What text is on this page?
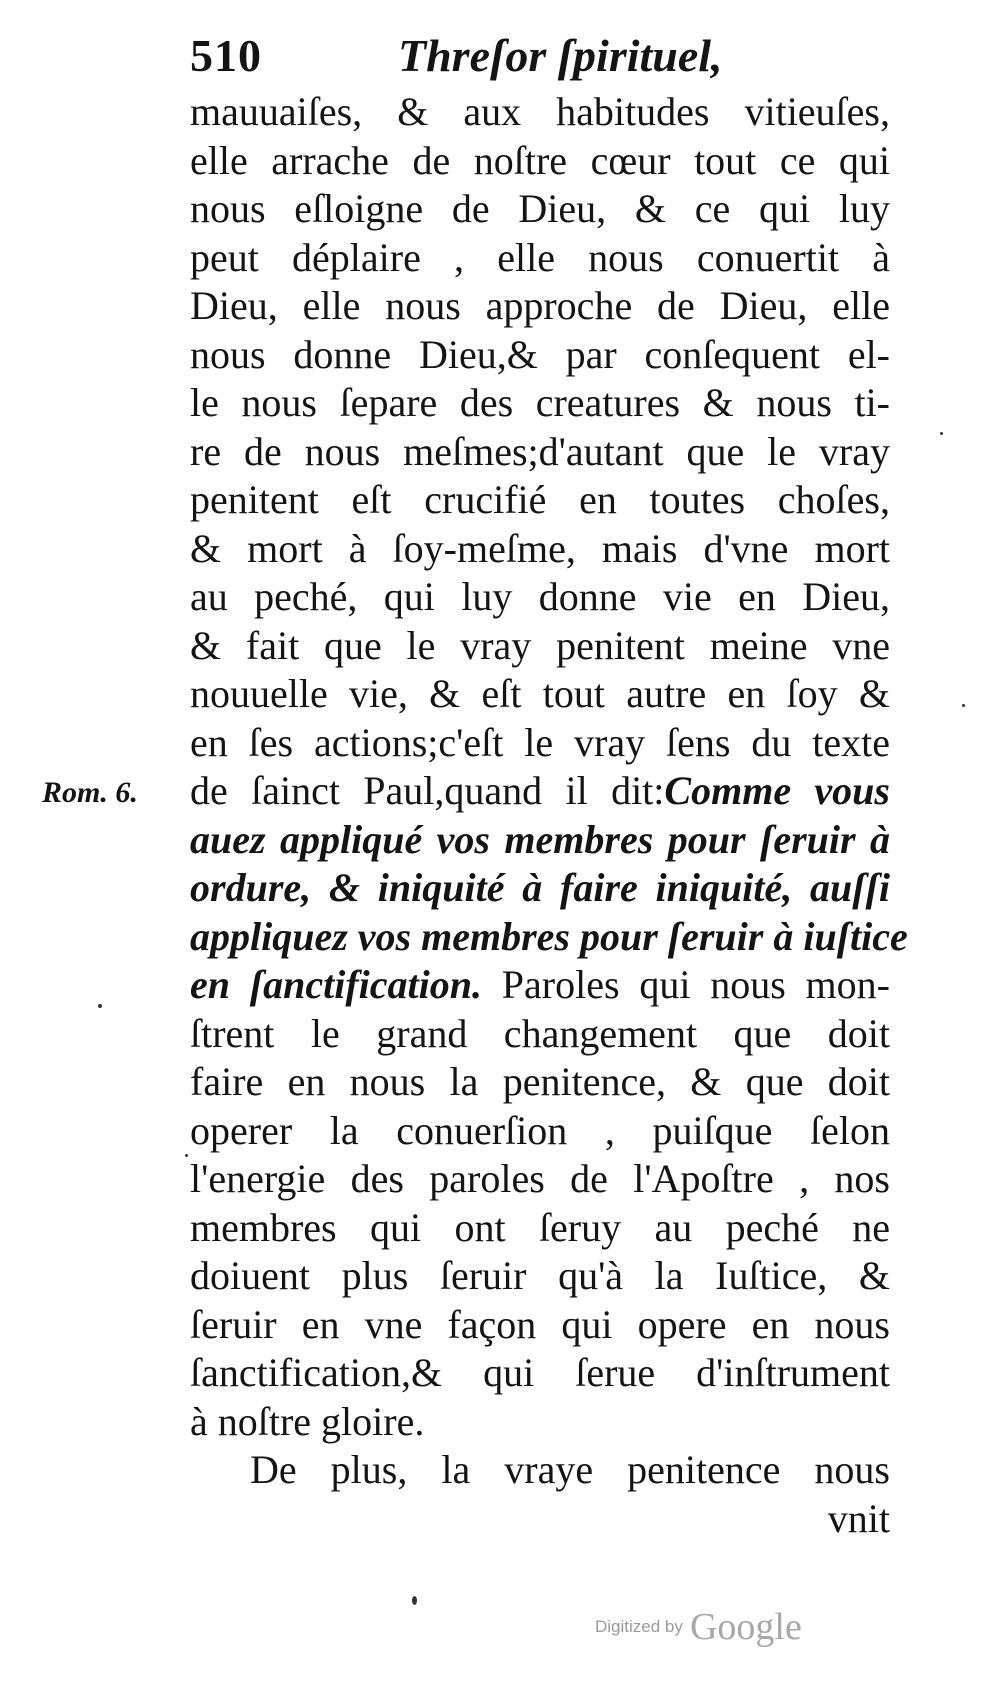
510	Threſor ſpirituel,
Rom. 6.
mauuaiſes, & aux habitudes vitieuſes,
elle arrache de noſtre cœur tout ce qui
nous eſloigne de Dieu, & ce qui luy
peut déplaire , elle nous conuertit à
Dieu, elle nous approche de Dieu, elle
nous donne Dieu,& par conſequent el-
le nous ſepare des creatures & nous ti-
re de nous meſmes;d'autant que le vray
penitent eſt crucifié en toutes choſes,
& mort à ſoy-meſme, mais d'vne mort
au peché, qui luy donne vie en Dieu,
& fait que le vray penitent meine vne
nouuelle vie, & eſt tout autre en ſoy &
en ſes actions;c'eſt le vray ſens du texte
de ſainct Paul,quand il dit:Comme vous
auez appliqué vos membres pour ſeruir à
ordure, & iniquité à faire iniquité, auſſi
appliquez vos membres pour ſeruir à iuſtice
en ſanctification. Paroles qui nous mon-
ſtrent le grand changement que doit
faire en nous la penitence, & que doit
operer la conuerſion , puiſque ſelon
l'energie des paroles de l'Apoſtre , nos
membres qui ont ſeruy au peché ne
doiuent plus ſeruir qu'à la Iuſtice, &
ſeruir en vne façon qui opere en nous
ſanctification,& qui ſerue d'inſtrument
à noſtre gloire.
De plus, la vraye penitence nous
vnit
Digitized by Google
